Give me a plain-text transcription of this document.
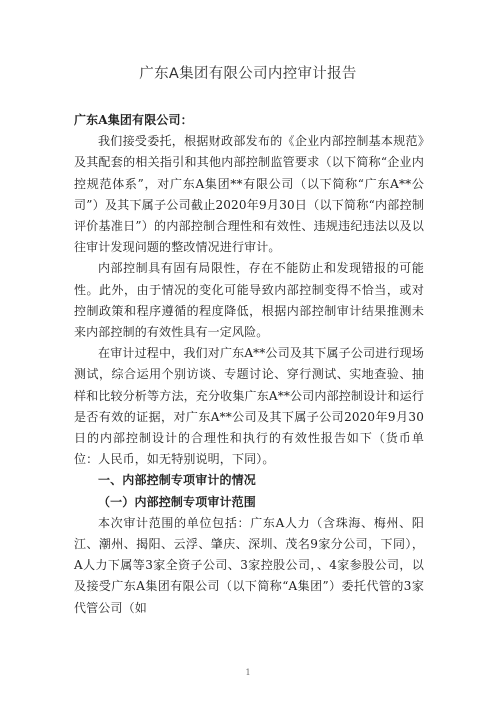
广东A集团有限公司内控审计报告

广东A集团有限公司：

我们接受委托，根据财政部发布的《企业内部控制基本规范》及其配套的相关指引和其他内部控制监管要求（以下简称“企业内控规范体系”，对广东A集团**有限公司（以下简称“广东A**公司”）及其下属子公司截止2020年9月30日（以下简称“内部控制评价基准日”）的内部控制合理性和有效性、违规违纪违法以及以往审计发现问题的整改情况进行审计。

内部控制具有固有局限性，存在不能防止和发现错报的可能性。此外，由于情况的变化可能导致内部控制变得不恰当，或对控制政策和程序遵循的程度降低，根据内部控制审计结果推测未来内部控制的有效性具有一定风险。

在审计过程中，我们对广东A**公司及其下属子公司进行现场测试，综合运用个别访谈、专题讨论、穿行测试、实地查验、抽样和比较分析等方法，充分收集广东A**公司内部控制设计和运行是否有效的证据，对广东A**公司及其下属子公司2020年9月30日的内部控制设计的合理性和执行的有效性报告如下（货币单位：人民币，如无特别说明，下同）。

一、内部控制专项审计的情况

（一）内部控制专项审计范围

本次审计范围的单位包括：广东A人力（含珠海、梅州、阳江、潮州、揭阳、云浮、肇庆、深圳、茂名9家分公司，下同），A人力下属等3家全资子公司、3家控股公司，、4家参股公司，以及接受广东A集团有限公司（以下简称“A集团”）委托代管的3家代管公司（如

1
